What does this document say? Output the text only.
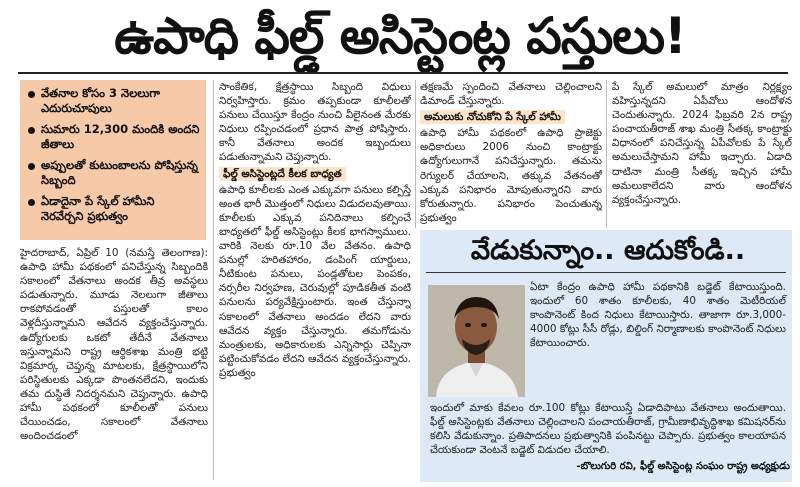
ఉపాధి ఫీల్డ్‌ అసిస్టెంట్ల పస్తులు!
వేతనాల కోసం 3 నెలలుగా ఎదురుచూపులు
సుమారు 12,300 మందికి అందని జీతాలు
అప్పులతో కుటుంబాలను పోషిస్తున్న సిబ్బంది
ఏడాదైనా పే స్కేల్‌ హామీని నెరవేర్చని ప్రభుత్వం

హైదరాబాద్‌, ఏప్రిల్‌ 10 (నమస్తే తెలంగాణ): ఉపాధి హామీ పథకంలో పనిచేస్తున్న సిబ్బందికి సకాలంలో వేతనాలు అందక తీవ్ర అవస్థలు పడుతున్నారు. మూడు నెలలుగా జీతాలు రాకపోవడంతో పస్తులతో కాలం వెళ్లదీస్తున్నామని ఆవేదన వ్యక్తంచేస్తున్నారు. ఉద్యోగులకు ఒకటో తేదీనే వేతనాలు ఇస్తున్నామని రాష్ట్ర ఆర్థికశాఖ మంత్రి భట్టి విక్రమార్క చెప్తున్న మాటలకు, క్షేత్రస్థాయిలోని పరిస్థితులకు ఎక్కడా పొంతనలేదని, ఇందుకు తమ దుస్థితే నిదర్శనమని చెప్తున్నారు. ఉపాధి హామీ పథకంలో కూలీలతో పనులు చేయించడం, సకాలంలో వేతనాలు అందించడంలో

సాంకేతిక, క్షేత్రస్థాయి సిబ్బంది విధులు నిర్వహిస్తారు. క్రమం తప్పకుండా కూలీలతో పనులు చేయిస్తూ కేంద్రం నుంచి వీలైనంత మేరకు నిధులు రప్పించడంలో ప్రధాన పాత్ర పోషిస్తారు. కానీ వేతనాలు అందక ఇబ్బందులు పడుతున్నామని చెప్తున్నారు.

ఫీల్డ్‌ అసిస్టెంట్లదే కీలక బాధ్యత

ఉపాధి కూలీలకు ఎంత ఎక్కువగా పనులు కల్పిస్తే అంత భారీ మొత్తంలో నిధులు విడుదలవుతాయి. కూలీలకు ఎక్కువ పనిదినాలు కల్పించే బాధ్యతలో ఫీల్డ్‌ అసిస్టెంట్లు కీలక భాగస్వాములు. వారికి నెలకు రూ.10 వేల వేతనం. ఉపాధి పనుల్లో హరితహారం, డంపింగ్‌ యార్డులు, నీటికుంట పనులు, పండ్లతోటల పెంపకం, నర్సరీల నిర్వహణ, చెరువుల్లో పూడికతీత వంటి పనులను పర్యవేక్షిస్తుంటారు. ఇంత చేస్తున్నా సకాలంలో వేతనాలు అందడం లేదని వారు ఆవేదన వ్యక్తం చేస్తున్నారు. తమగోడును మంత్రులకు, అధికారులకు ఎన్నిసార్లు చెప్పినా పట్టించుకోవడం లేదని ఆవేదన వ్యక్తంచేస్తున్నారు. ప్రభుత్వం

తక్షణమే స్పందించి వేతనాలు చెల్లించాలని డిమాండ్‌ చేస్తున్నారు.

అమలుకు నోచుకోని పే స్కేల్‌ హామీ

ఉపాధి హామీ పథకంలో ఉపాధి ప్రాజెక్టు అధికారులు 2006 నుంచి కాంట్రాక్టు ఉద్యోగులుగానే పనిచేస్తున్నారు. తమను రెగ్యులర్‌ చేయాలని, తక్కువ వేతనంతో ఎక్కువ పనిభారం మోపుతున్నారని వారు కోరుతున్నారు. పనిభారం పెంచుతున్న ప్రభుత్వం

పే స్కేల్‌ అమలులో మాత్రం నిర్లక్ష్యం వహిస్తున్నదని ఏపీవోలు ఆందోళన చెందుతున్నారు. 2024 ఫిబ్రవరి 2న రాష్ట్ర పంచాయతీరాజ్‌ శాఖ మంత్రి సీతక్క కాంట్రాక్టు విధానంలో పనిచేస్తున్న ఏపీవోలకు పే స్కేల్‌ అమలుచేస్తామని హామీ ఇచ్చారు. ఏడాది దాటినా మంత్రి సీతక్క ఇచ్చిన హామీ అమలుకాలేదని వారు ఆందోళన వ్యక్తంచేస్తున్నారు.

వేడుకున్నాం.. ఆదుకోండి..
ఏటా కేంద్రం ఉపాధి హామీ పథకానికి బడ్జెట్‌ కేటాయిస్తుంది. ఇందులో 60 శాతం కూలీలకు, 40 శాతం మెటీరియల్‌ కాంపొనెంట్‌ కింద నిధులు కేటాయిస్తారు. తాజాగా రూ.3,000-4000 కోట్లు సీసీ రోడ్లు, బిల్డింగ్‌ నిర్మాణాలకు కాంపొనెంట్‌ నిధులు కేటాయించారు.
ఇందులో మాకు కేవలం రూ.100 కోట్లు కేటాయిస్తే ఏడాదిపాటు వేతనాలు అందుతాయి. ఫీల్డ్‌ అసిస్టెంట్లకు వేతనాలు చెల్లించాలని పంచాయతీరాజ్‌, గ్రామీణాభివృద్ధిశాఖ కమిషనర్‌ను కలిసి వేడుకున్నాం. ప్రతిపాదనలు ప్రభుత్వానికి పంపినట్టు చెప్పారు. ప్రభుత్వం కాలయాపన చేయకుండా వెంటనే బడ్జెట్‌ విడుదల చేయాలి.
-బొలుగురి రవి, ఫీల్డ్‌ అసిస్టెంట్ల సంఘం రాష్ట్ర అధ్యక్షుడు
